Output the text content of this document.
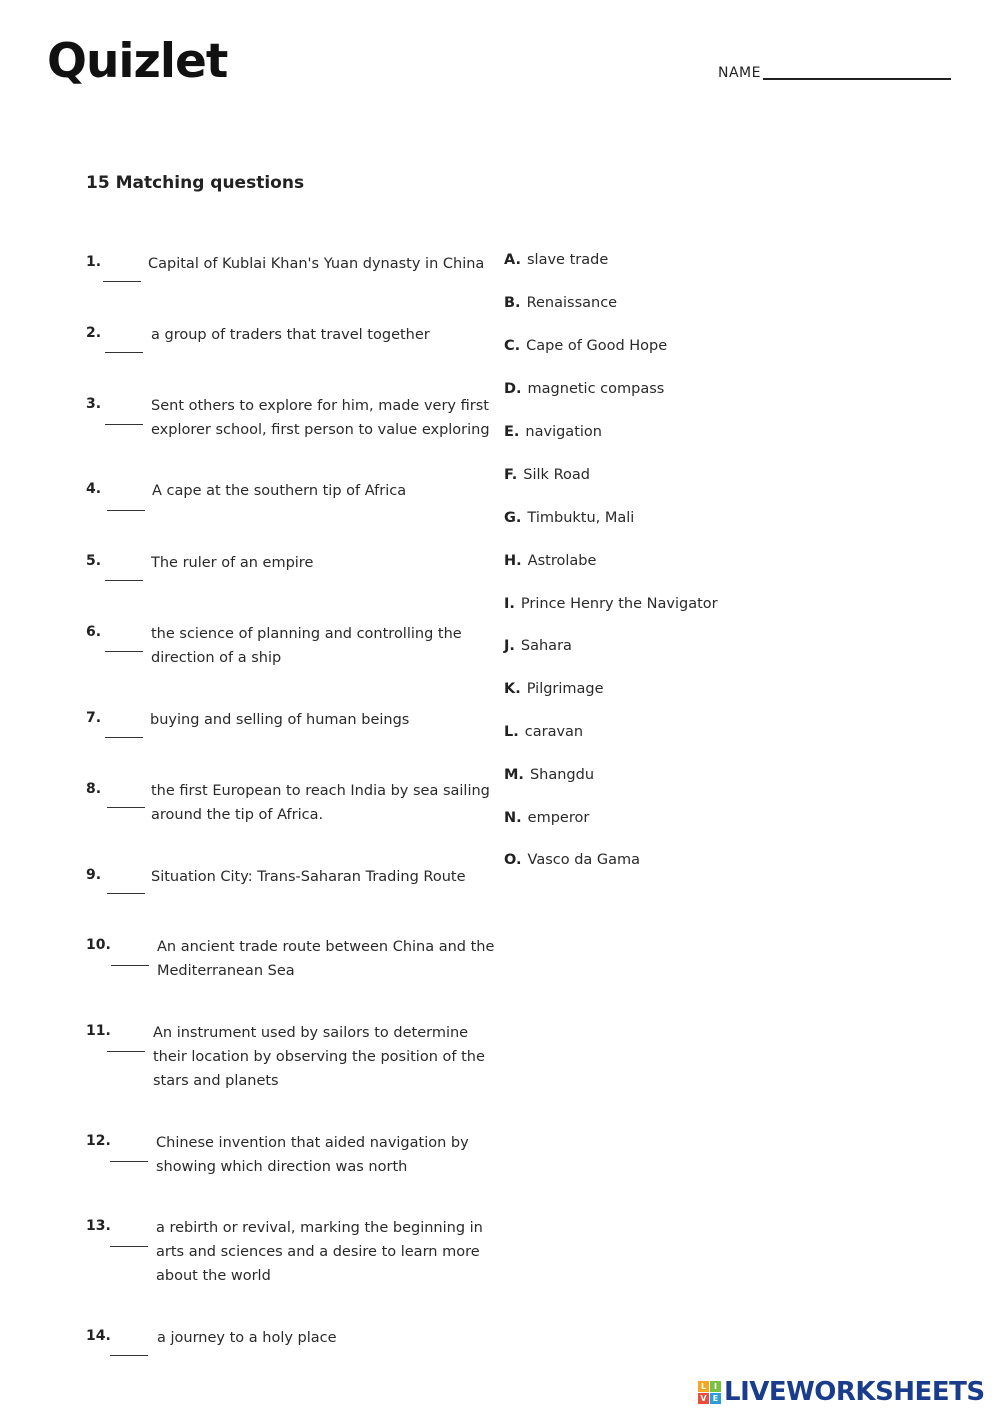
Quizlet	NAME
15 Matching questions
1.	Capital of Kublai Khan's Yuan dynasty in China
2.	a group of traders that travel together
3.	Sent others to explore for him, made very first explorer school, first person to value exploring
4.	A cape at the southern tip of Africa
5.	The ruler of an empire
6.	the science of planning and controlling the direction of a ship
7.	buying and selling of human beings
8.	the first European to reach India by sea sailing around the tip of Africa.
9.	Situation City: Trans-Saharan Trading Route
10.	An ancient trade route between China and the Mediterranean Sea
11.	An instrument used by sailors to determine their location by observing the position of the stars and planets
12.	Chinese invention that aided navigation by showing which direction was north
13.	a rebirth or revival, marking the beginning in arts and sciences and a desire to learn more about the world
14.	a journey to a holy place
A. slave trade
B. Renaissance
C. Cape of Good Hope
D. magnetic compass
E. navigation
F. Silk Road
G. Timbuktu, Mali
H. Astrolabe
I. Prince Henry the Navigator
J. Sahara
K. Pilgrimage
L. caravan
M. Shangdu
N. emperor
O. Vasco da Gama
L I
V E LIVEWORKSHEETS
